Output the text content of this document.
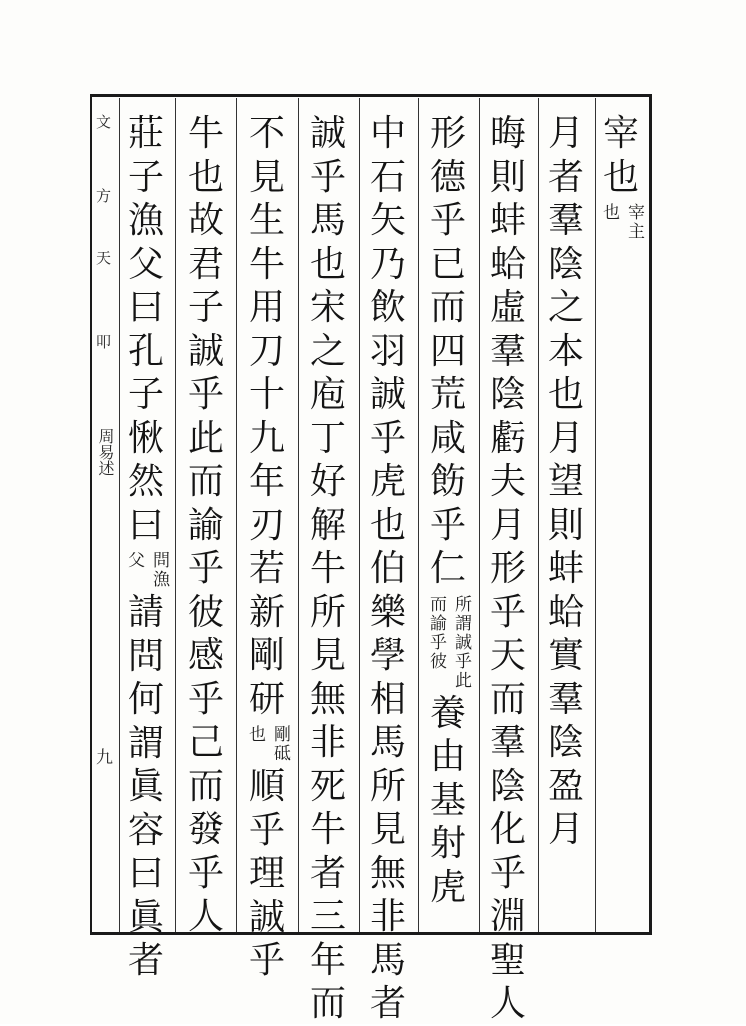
文
方
天
叩
周易述
九
宰
也
宰主
也
月
者
羣
陰
之
本
也
月
望
則
蚌
蛤
實
羣
陰
盈
月
晦
則
蚌
蛤
虛
羣
陰
虧
夫
月
形
乎
天
而
羣
陰
化
乎
淵
聖
人
形
德
乎
已
而
四
荒
咸
飭
乎
仁
所謂誠乎此
而諭乎彼
養
由
基
射
虎
中
石
矢
乃
飲
羽
誠
乎
虎
也
伯
樂
學
相
馬
所
見
無
非
馬
者
誠
乎
馬
也
宋
之
庖
丁
好
解
牛
所
見
無
非
死
牛
者
三
年
而
不
見
生
牛
用
刀
十
九
年
刃
若
新
剛
研
剛砥
也
順
乎
理
誠
乎
牛
也
故
君
子
誠
乎
此
而
諭
乎
彼
感
乎
己
而
發
乎
人
莊
子
漁
父
曰
孔
子
愀
然
曰
問漁
父
請
問
何
謂
眞
容
曰
眞
者
